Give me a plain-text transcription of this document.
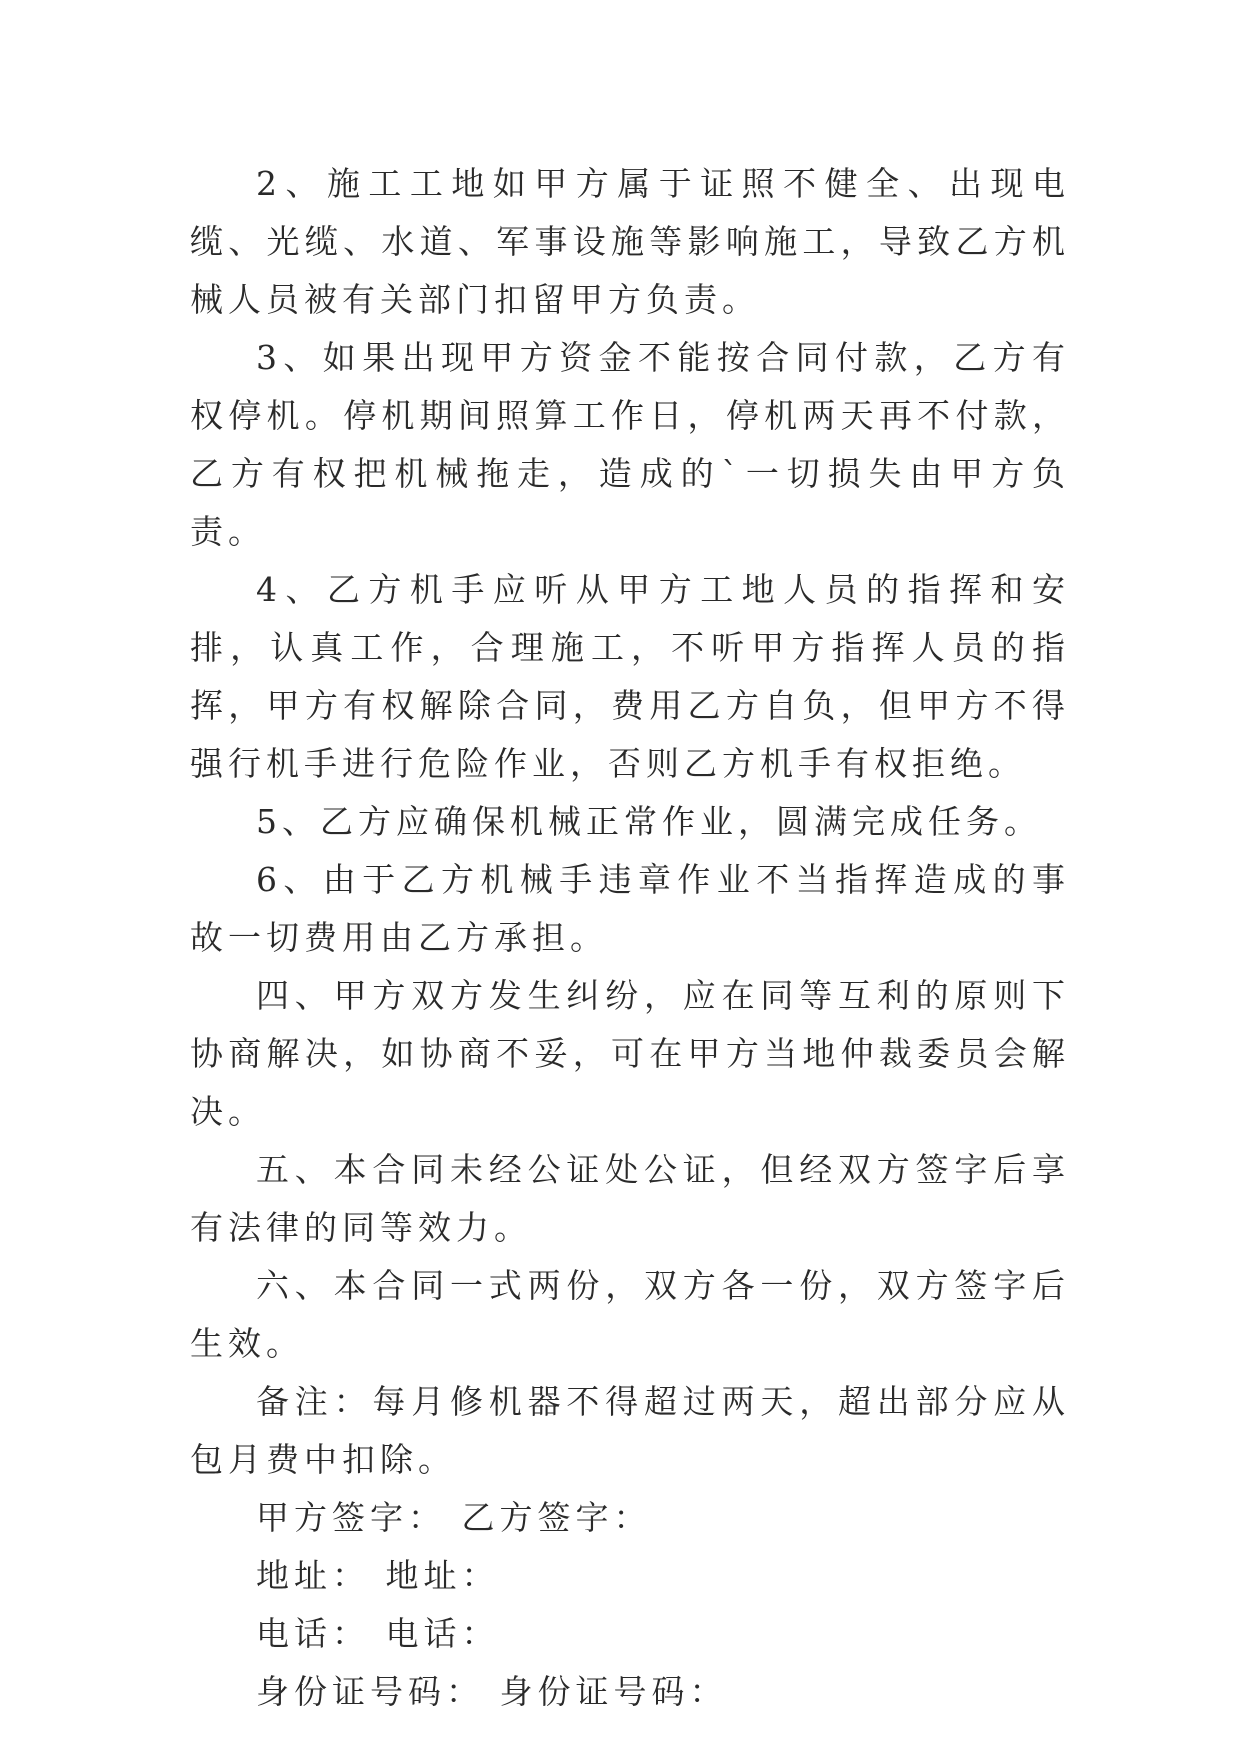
2、施工工地如甲方属于证照不健全、出现电缆、光缆、水道、军事设施等影响施工，导致乙方机械人员被有关部门扣留甲方负责。

3、如果出现甲方资金不能按合同付款，乙方有权停机。停机期间照算工作日，停机两天再不付款，乙方有权把机械拖走，造成的`一切损失由甲方负责。

4、乙方机手应听从甲方工地人员的指挥和安排，认真工作，合理施工，不听甲方指挥人员的指挥，甲方有权解除合同，费用乙方自负，但甲方不得强行机手进行危险作业，否则乙方机手有权拒绝。

5、乙方应确保机械正常作业，圆满完成任务。

6、由于乙方机械手违章作业不当指挥造成的事故一切费用由乙方承担。

四、甲方双方发生纠纷，应在同等互利的原则下协商解决，如协商不妥，可在甲方当地仲裁委员会解决。

五、本合同未经公证处公证，但经双方签字后享有法律的同等效力。

六、本合同一式两份，双方各一份，双方签字后生效。

备注：每月修机器不得超过两天，超出部分应从包月费中扣除。

甲方签字： 乙方签字：

地址： 地址：

电话： 电话：

身份证号码： 身份证号码：
